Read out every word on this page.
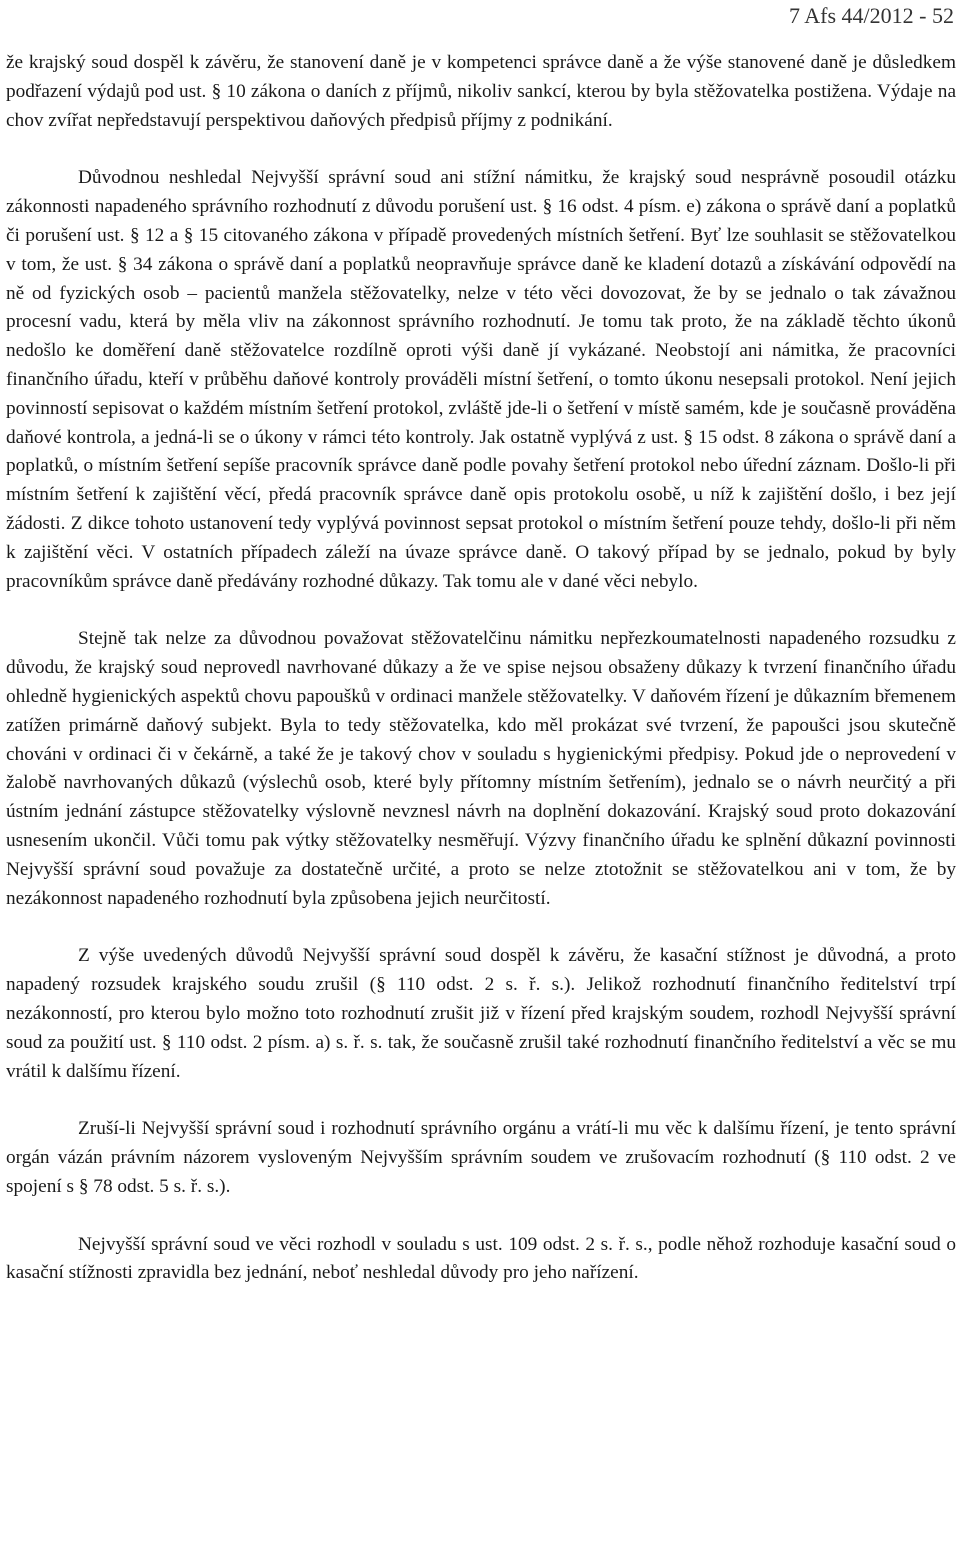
7 Afs 44/2012 - 52

že krajský soud dospěl k závěru, že stanovení daně je v kompetenci správce daně a že výše stanovené daně je důsledkem podřazení výdajů pod ust. § 10 zákona o daních z příjmů, nikoliv sankcí, kterou by byla stěžovatelka postižena. Výdaje na chov zvířat nepředstavují perspektivou daňových předpisů příjmy z podnikání.

Důvodnou neshledal Nejvyšší správní soud ani stížní námitku, že krajský soud nesprávně posoudil otázku zákonnosti napadeného správního rozhodnutí z důvodu porušení ust. § 16 odst. 4 písm. e) zákona o správě daní a poplatků či porušení ust. § 12 a § 15 citovaného zákona v případě provedených místních šetření. Byť lze souhlasit se stěžovatelkou v tom, že ust. § 34 zákona o správě daní a poplatků neopravňuje správce daně ke kladení dotazů a získávání odpovědí na ně od fyzických osob – pacientů manžela stěžovatelky, nelze v této věci dovozovat, že by se jednalo o tak závažnou procesní vadu, která by měla vliv na zákonnost správního rozhodnutí. Je tomu tak proto, že na základě těchto úkonů nedošlo ke doměření daně stěžovatelce rozdílně oproti výši daně jí vykázané. Neobstojí ani námitka, že pracovníci finančního úřadu, kteří v průběhu daňové kontroly prováděli místní šetření, o tomto úkonu nesepsali protokol. Není jejich povinností sepisovat o každém místním šetření protokol, zvláště jde-li o šetření v místě samém, kde je současně prováděna daňové kontrola, a jedná-li se o úkony v rámci této kontroly. Jak ostatně vyplývá z ust. § 15 odst. 8 zákona o správě daní a poplatků, o místním šetření sepíše pracovník správce daně podle povahy šetření protokol nebo úřední záznam. Došlo-li při místním šetření k zajištění věcí, předá pracovník správce daně opis protokolu osobě, u níž k zajištění došlo, i bez její žádosti. Z dikce tohoto ustanovení tedy vyplývá povinnost sepsat protokol o místním šetření pouze tehdy, došlo-li při něm k zajištění věci. V ostatních případech záleží na úvaze správce daně. O takový případ by se jednalo, pokud by byly pracovníkům správce daně předávány rozhodné důkazy. Tak tomu ale v dané věci nebylo.

Stejně tak nelze za důvodnou považovat stěžovatelčinu námitku nepřezkoumatelnosti napadeného rozsudku z důvodu, že krajský soud neprovedl navrhované důkazy a že ve spise nejsou obsaženy důkazy k tvrzení finančního úřadu ohledně hygienických aspektů chovu papoušků v ordinaci manžele stěžovatelky. V daňovém řízení je důkazním břemenem zatížen primárně daňový subjekt. Byla to tedy stěžovatelka, kdo měl prokázat své tvrzení, že papoušci jsou skutečně chováni v ordinaci či v čekárně, a také že je takový chov v souladu s hygienickými předpisy. Pokud jde o neprovedení v žalobě navrhovaných důkazů (výslechů osob, které byly přítomny místním šetřením), jednalo se o návrh neurčitý a při ústním jednání zástupce stěžovatelky výslovně nevznesl návrh na doplnění dokazování. Krajský soud proto dokazování usnesením ukončil. Vůči tomu pak výtky stěžovatelky nesměřují. Výzvy finančního úřadu ke splnění důkazní povinnosti Nejvyšší správní soud považuje za dostatečně určité, a proto se nelze ztotožnit se stěžovatelkou ani v tom, že by nezákonnost napadeného rozhodnutí byla způsobena jejich neurčitostí.

Z výše uvedených důvodů Nejvyšší správní soud dospěl k závěru, že kasační stížnost je důvodná, a proto napadený rozsudek krajského soudu zrušil (§ 110 odst. 2 s. ř. s.). Jelikož rozhodnutí finančního ředitelství trpí nezákonností, pro kterou bylo možno toto rozhodnutí zrušit již v řízení před krajským soudem, rozhodl Nejvyšší správní soud za použití ust. § 110 odst. 2 písm. a) s. ř. s. tak, že současně zrušil také rozhodnutí finančního ředitelství a věc se mu vrátil k dalšímu řízení.

Zruší-li Nejvyšší správní soud i rozhodnutí správního orgánu a vrátí-li mu věc k dalšímu řízení, je tento správní orgán vázán právním názorem vysloveným Nejvyšším správním soudem ve zrušovacím rozhodnutí (§ 110 odst. 2 ve spojení s § 78 odst. 5 s. ř. s.).

Nejvyšší správní soud ve věci rozhodl v souladu s ust. 109 odst. 2 s. ř. s., podle něhož rozhoduje kasační soud o kasační stížnosti zpravidla bez jednání, neboť neshledal důvody pro jeho nařízení.
